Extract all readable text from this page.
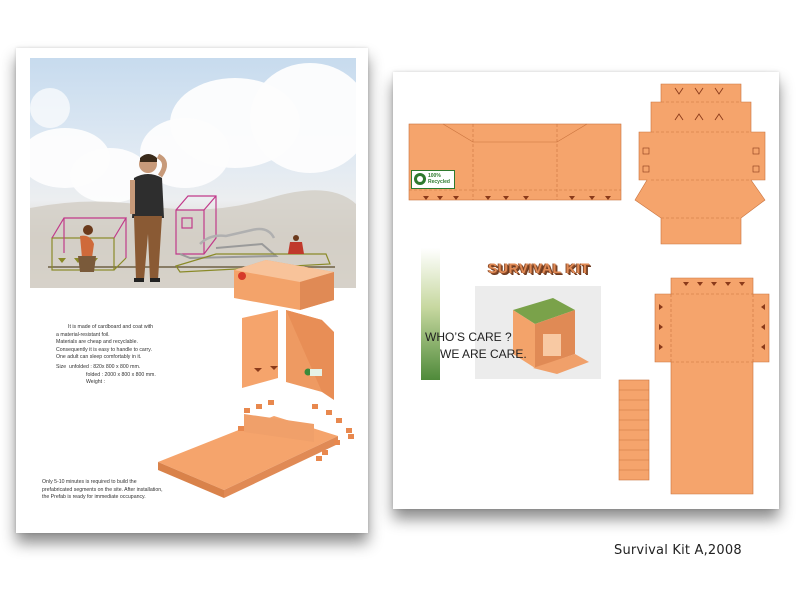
It is made of cardboard and coat with
a material-resistant foil.
Materials are cheap and recyclable.
Consequently it is easy to handle to carry.
One adult can sleep comfortably in it.
Size unfolded : 820x 800 x 800 mm.
folded : 2000 x 800 x 800 mm.
Weight :
Only 5-10 minutes is required to build the
prefabricated segments on the site. After installation,
the Prefab is ready for immediate occupancy.
100% Recycled
SURVIVAL KIT
WHO’S CARE ?
WE ARE CARE.
Survival Kit A,2008
